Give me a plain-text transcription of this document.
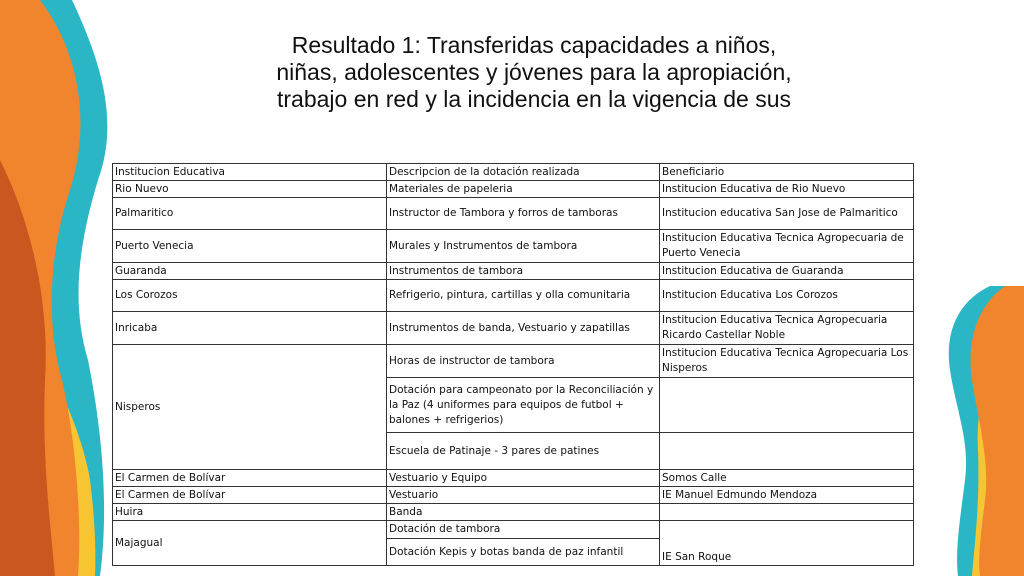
Resultado 1: Transferidas capacidades a niños,
niñas, adolescentes y jóvenes para la apropiación,
trabajo en red y la incidencia en la vigencia de sus
Institucion Educativa	Descripcion de la dotación realizada	Beneficiario
Rio Nuevo	Materiales de papeleria	Institucion Educativa de Rio Nuevo
Palmaritico	Instructor de Tambora y forros de tamboras	Institucion educativa San Jose de Palmaritico
Puerto Venecia	Murales y Instrumentos de tambora	Institucion Educativa Tecnica Agropecuaria de Puerto Venecia
Guaranda	Instrumentos de tambora	Institucion Educativa de Guaranda
Los Corozos	Refrigerio, pintura, cartillas y olla comunitaria	Institucion Educativa Los Corozos
Inricaba	Instrumentos de banda, Vestuario y zapatillas	Institucion Educativa Tecnica Agropecuaria Ricardo Castellar Noble
Nisperos	Horas de instructor de tambora	Institucion Educativa Tecnica Agropecuaria Los Nisperos
	Dotación para campeonato por la Reconciliación y la Paz (4 uniformes para equipos de futbol + balones + refrigerios)	
	Escuela de Patinaje - 3 pares de patines	
El Carmen de Bolívar	Vestuario y Equipo	Somos Calle
El Carmen de Bolívar	Vestuario	IE Manuel Edmundo Mendoza
Huira	Banda	
Majagual	Dotación de tambora	IE San Roque
	Dotación Kepis y botas banda de paz infantil	
